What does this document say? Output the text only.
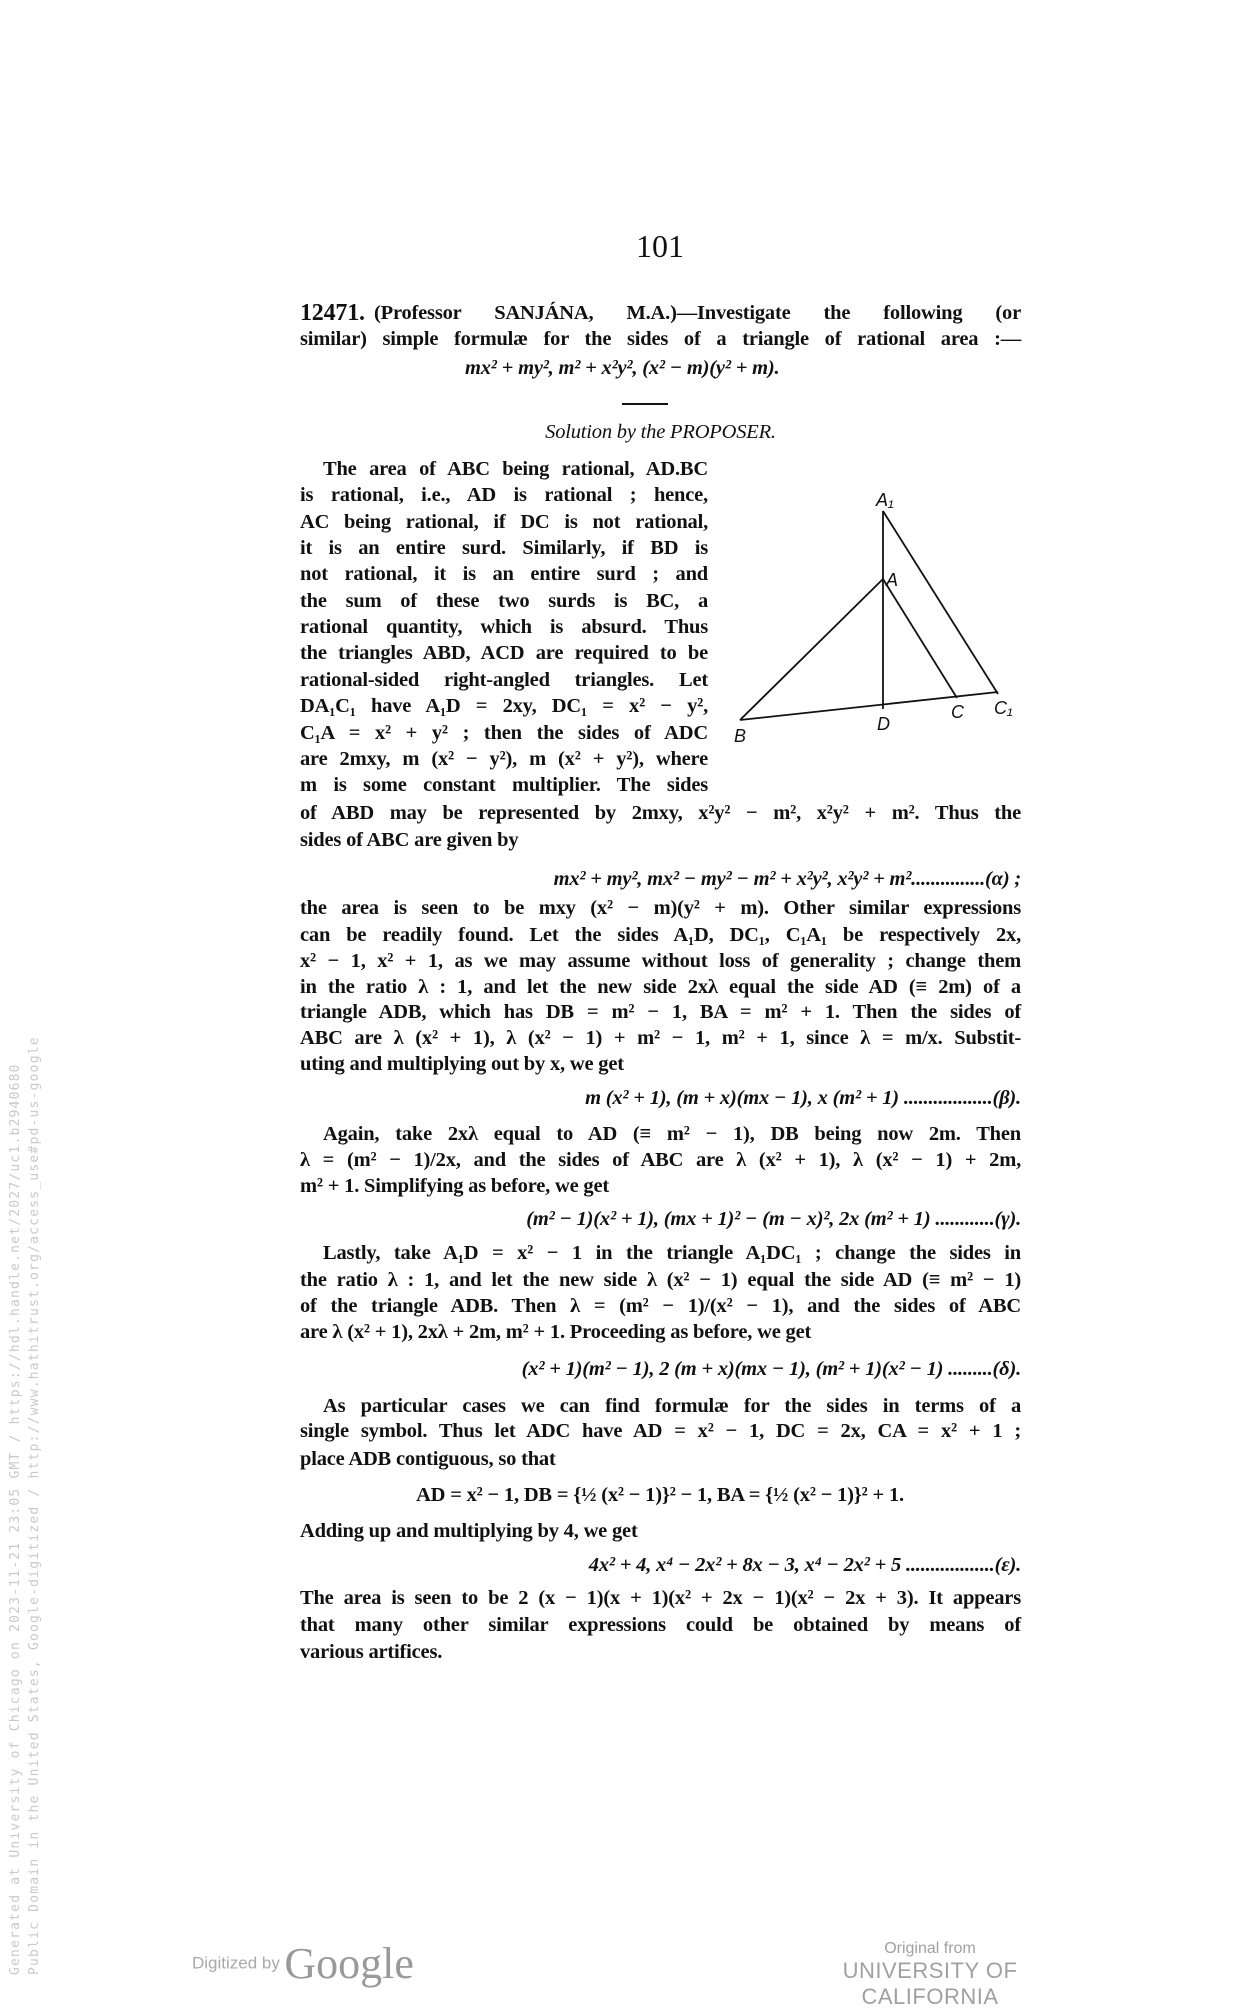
101
12471. (Professor SANJÁNA, M.A.)—Investigate the following (or
similar) simple formulæ for the sides of a triangle of rational area :—
mx² + my², m² + x²y², (x² − m)(y² + m).
Solution by the PROPOSER.
The area of ABC being rational, AD.BC
is rational, i.e., AD is rational ; hence,
AC being rational, if DC is not rational,
it is an entire surd. Similarly, if BD is
not rational, it is an entire surd ; and
the sum of these two surds is BC, a
rational quantity, which is absurd. Thus
the triangles ABD, ACD are required to be
rational-sided right-angled triangles. Let
DA₁C₁ have A₁D = 2xy, DC₁ = x² − y²,
C₁A = x² + y² ; then the sides of ADC
are 2mxy, m (x² − y²), m (x² + y²), where
m is some constant multiplier. The sides
A₁
A
B
D
C C₁
of ABD may be represented by 2mxy, x²y² − m², x²y² + m². Thus the
sides of ABC are given by
mx² + my², mx² − my² − m² + x²y², x²y² + m²...............(α) ;
the area is seen to be mxy (x² − m)(y² + m). Other similar expressions
can be readily found. Let the sides A₁D, DC₁, C₁A₁ be respectively 2x,
x² − 1, x² + 1, as we may assume without loss of generality ; change them
in the ratio λ : 1, and let the new side 2xλ equal the side AD (≡ 2m) of a
triangle ADB, which has DB = m² − 1, BA = m² + 1. Then the sides of
ABC are λ (x² + 1), λ (x² − 1) + m² − 1, m² + 1, since λ = m/x. Substit-
uting and multiplying out by x, we get
m (x² + 1), (m + x)(mx − 1), x (m² + 1) ..................(β).
Again, take 2xλ equal to AD (≡ m² − 1), DB being now 2m. Then
λ = (m² − 1)/2x, and the sides of ABC are λ (x² + 1), λ (x² − 1) + 2m,
m² + 1. Simplifying as before, we get
(m² − 1)(x² + 1), (mx + 1)² − (m − x)², 2x (m² + 1) ............(γ).
Lastly, take A₁D = x² − 1 in the triangle A₁DC₁ ; change the sides in
the ratio λ : 1, and let the new side λ (x² − 1) equal the side AD (≡ m² − 1)
of the triangle ADB. Then λ = (m² − 1)/(x² − 1), and the sides of ABC
are λ (x² + 1), 2xλ + 2m, m² + 1. Proceeding as before, we get
(x² + 1)(m² − 1), 2 (m + x)(mx − 1), (m² + 1)(x² − 1) .........(δ).
As particular cases we can find formulæ for the sides in terms of a
single symbol. Thus let ADC have AD = x² − 1, DC = 2x, CA = x² + 1 ;
place ADB contiguous, so that
AD = x² − 1, DB = {½ (x² − 1)}² − 1, BA = {½ (x² − 1)}² + 1.
Adding up and multiplying by 4, we get
4x² + 4, x⁴ − 2x² + 8x − 3, x⁴ − 2x² + 5 ..................(ε).
The area is seen to be 2 (x − 1)(x + 1)(x² + 2x − 1)(x² − 2x + 3). It appears
that many other similar expressions could be obtained by means of
various artifices.
Generated at University of Chicago on 2023-11-21 23:05 GMT / https://hdl.handle.net/2027/uc1.b2940680 Public Domain in the United States, Google-digitized / http://www.hathitrust.org/access_use#pd-us-google	Digitized by Google	Original from
UNIVERSITY OF CALIFORNIA
